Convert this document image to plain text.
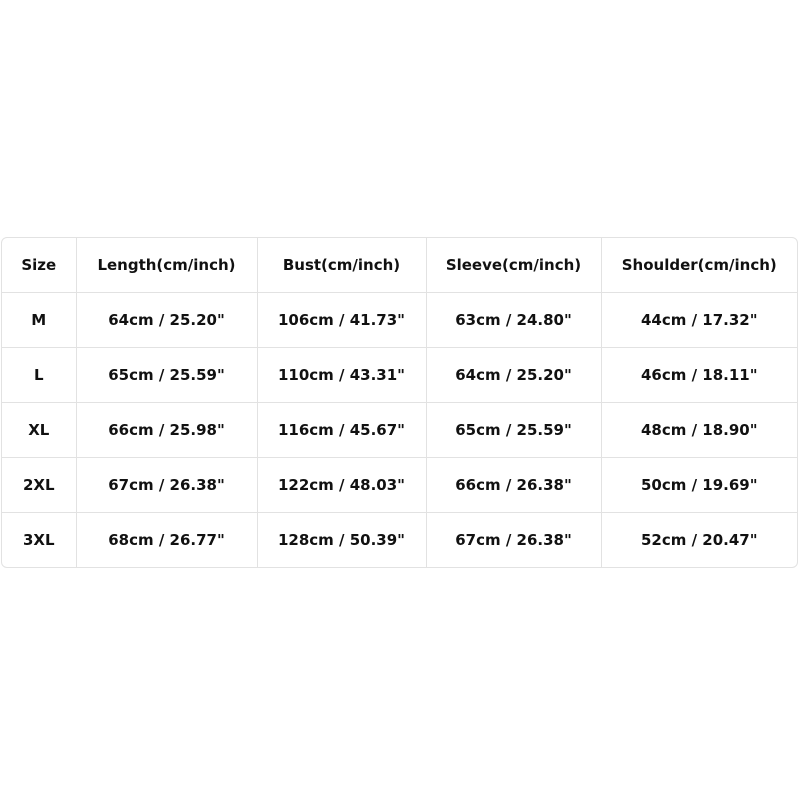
Size	Length(cm/inch)	Bust(cm/inch)	Sleeve(cm/inch)	Shoulder(cm/inch)
M	64cm / 25.20"	106cm / 41.73"	63cm / 24.80"	44cm / 17.32"
L	65cm / 25.59"	110cm / 43.31"	64cm / 25.20"	46cm / 18.11"
XL	66cm / 25.98"	116cm / 45.67"	65cm / 25.59"	48cm / 18.90"
2XL	67cm / 26.38"	122cm / 48.03"	66cm / 26.38"	50cm / 19.69"
3XL	68cm / 26.77"	128cm / 50.39"	67cm / 26.38"	52cm / 20.47"
